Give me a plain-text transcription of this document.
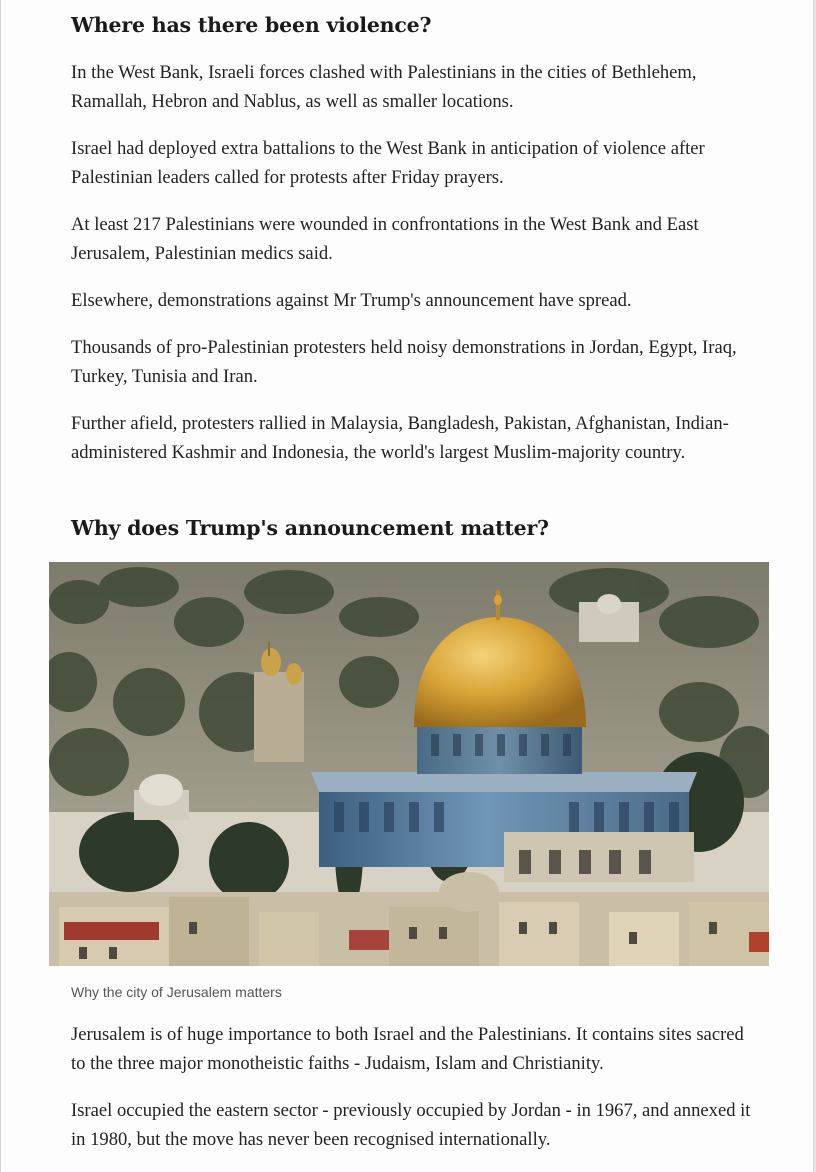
Where has there been violence?

In the West Bank, Israeli forces clashed with Palestinians in the cities of Bethlehem, Ramallah, Hebron and Nablus, as well as smaller locations.

Israel had deployed extra battalions to the West Bank in anticipation of violence after Palestinian leaders called for protests after Friday prayers.

At least 217 Palestinians were wounded in confrontations in the West Bank and East Jerusalem, Palestinian medics said.

Elsewhere, demonstrations against Mr Trump's announcement have spread.

Thousands of pro-Palestinian protesters held noisy demonstrations in Jordan, Egypt, Iraq, Turkey, Tunisia and Iran.

Further afield, protesters rallied in Malaysia, Bangladesh, Pakistan, Afghanistan, Indian-administered Kashmir and Indonesia, the world's largest Muslim-majority country.

Why does Trump's announcement matter?

Jerusalem is of huge importance to both Israel and the Palestinians. It contains sites sacred to the three major monotheistic faiths - Judaism, Islam and Christianity.

Israel occupied the eastern sector - previously occupied by Jordan - in 1967, and annexed it in 1980, but the move has never been recognised internationally.

Why the city of Jerusalem matters
